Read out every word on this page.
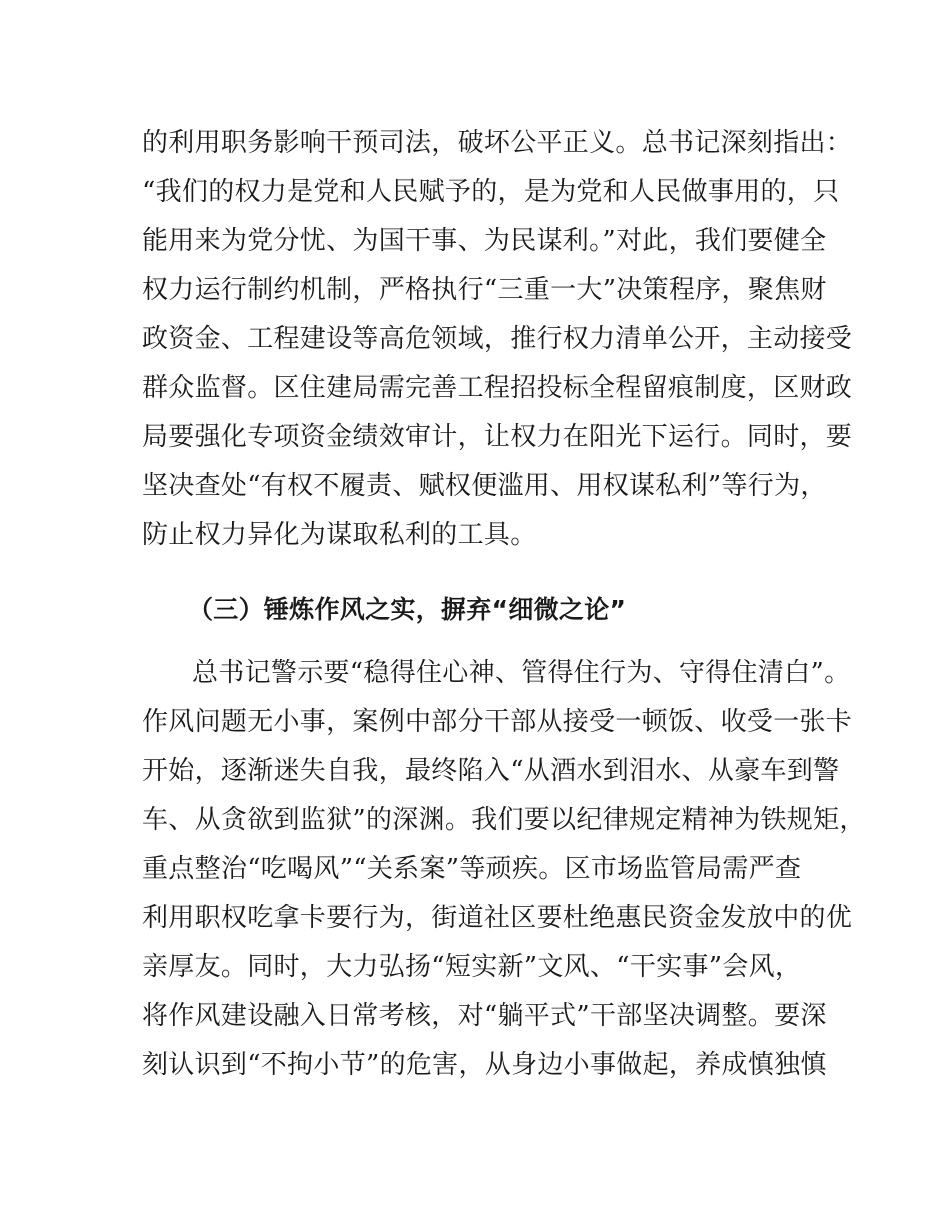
的利用职务影响干预司法，破坏公平正义。总书记深刻指出：
“我们的权力是党和人民赋予的，是为党和人民做事用的，只
能用来为党分忧、为国干事、为民谋利。”对此，我们要健全
权力运行制约机制，严格执行“三重一大”决策程序，聚焦财
政资金、工程建设等高危领域，推行权力清单公开，主动接受
群众监督。区住建局需完善工程招投标全程留痕制度，区财政
局要强化专项资金绩效审计，让权力在阳光下运行。同时，要
坚决查处“有权不履责、赋权便滥用、用权谋私利”等行为，
防止权力异化为谋取私利的工具。
（三）锤炼作风之实，摒弃“细微之论”
总书记警示要“稳得住心神、管得住行为、守得住清白”。
作风问题无小事，案例中部分干部从接受一顿饭、收受一张卡
开始，逐渐迷失自我，最终陷入“从酒水到泪水、从豪车到警
车、从贪欲到监狱”的深渊。我们要以纪律规定精神为铁规矩，
重点整治“吃喝风”“关系案”等顽疾。区市场监管局需严查
利用职权吃拿卡要行为，街道社区要杜绝惠民资金发放中的优
亲厚友。同时，大力弘扬“短实新”文风、“干实事”会风，
将作风建设融入日常考核，对“躺平式”干部坚决调整。要深
刻认识到“不拘小节”的危害，从身边小事做起，养成慎独慎
